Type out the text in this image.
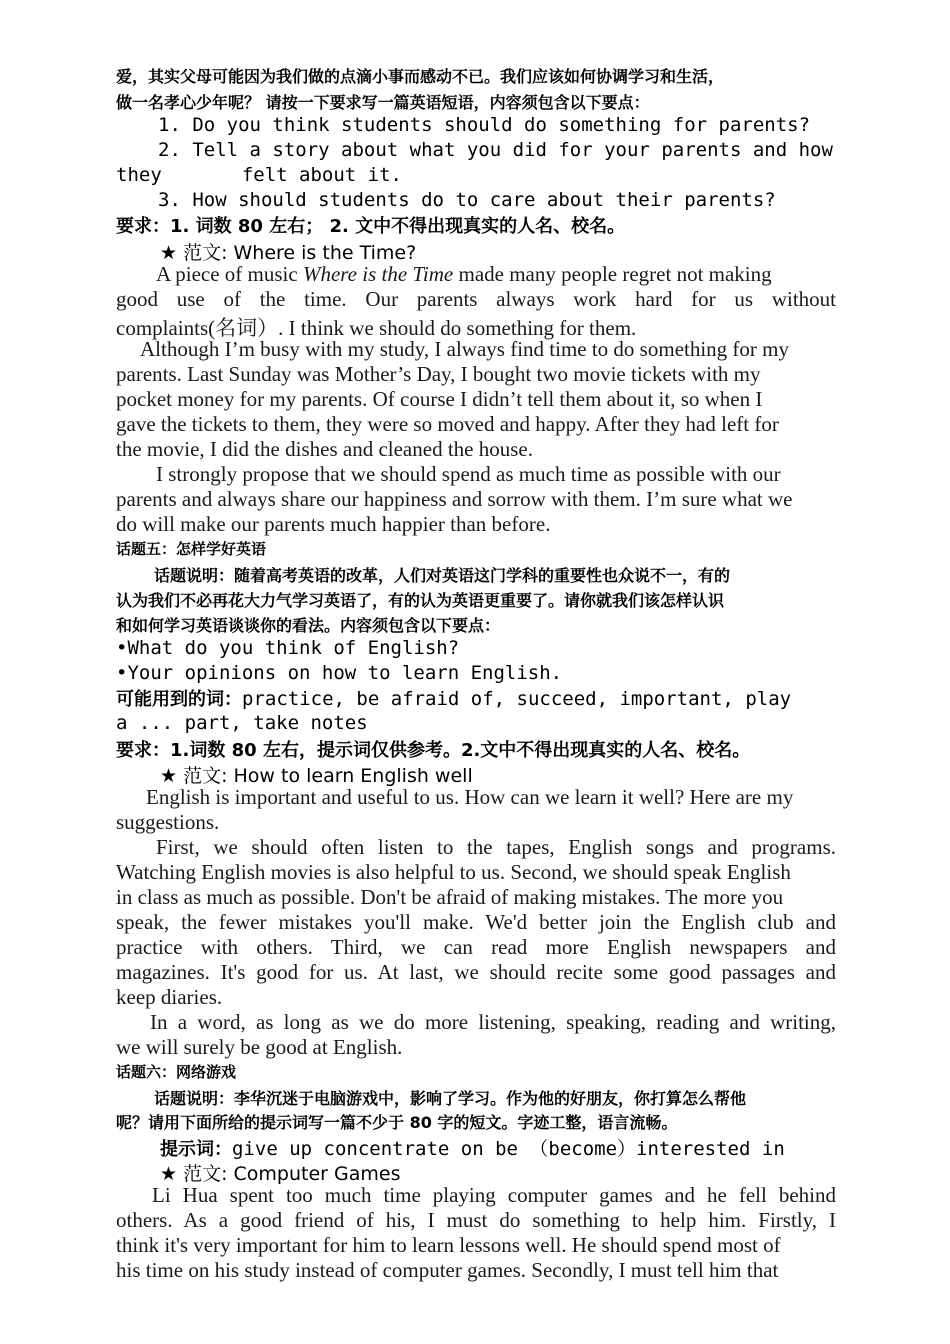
爱，其实父母可能因为我们做的点滴小事而感动不已。我们应该如何协调学习和生活，
做一名孝心少年呢？ 请按一下要求写一篇英语短语，内容须包含以下要点：
1. Do you think students should do something for parents?
2. Tell a story about what you did for your parents and how
they       felt about it.
3. How should students do to care about their parents?
要求：1. 词数 80 左右； 2. 文中不得出现真实的人名、校名。
★ 范文: Where is the Time?
A piece of music Where is the Time made many people regret not making
good use of the time. Our parents always work hard for us without
complaints(名词）. I think we should do something for them.
Although I’m busy with my study, I always find time to do something for my
parents. Last Sunday was Mother’s Day, I bought two movie tickets with my
pocket money for my parents. Of course I didn’t tell them about it, so when I
gave the tickets to them, they were so moved and happy. After they had left for
the movie, I did the dishes and cleaned the house.
I strongly propose that we should spend as much time as possible with our
parents and always share our happiness and sorrow with them. I’m sure what we
do will make our parents much happier than before.
话题五：怎样学好英语
话题说明：随着高考英语的改革，人们对英语这门学科的重要性也众说不一，有的
认为我们不必再花大力气学习英语了，有的认为英语更重要了。请你就我们该怎样认识
和如何学习英语谈谈你的看法。内容须包含以下要点：
•What do you think of English?
•Your opinions on how to learn English.
可能用到的词：practice, be afraid of, succeed, important, play
a ... part, take notes
要求：1.词数 80 左右，提示词仅供参考。2.文中不得出现真实的人名、校名。
★ 范文: How to learn English well
English is important and useful to us. How can we learn it well? Here are my
suggestions.
First, we should often listen to the tapes, English songs and programs.
Watching English movies is also helpful to us. Second, we should speak English
in class as much as possible. Don't be afraid of making mistakes. The more you
speak, the fewer mistakes you'll make. We'd better join the English club and
practice with others. Third, we can read more English newspapers and
magazines. It's good for us. At last, we should recite some good passages and
keep diaries.
In a word, as long as we do more listening, speaking, reading and writing,
we will surely be good at English.
话题六：网络游戏
话题说明：李华沉迷于电脑游戏中，影响了学习。作为他的好朋友，你打算怎么帮他
呢？请用下面所给的提示词写一篇不少于 80 字的短文。字迹工整，语言流畅。
提示词：give up concentrate on be （become）interested in
★ 范文: Computer Games
Li Hua spent too much time playing computer games and he fell behind
others. As a good friend of his, I must do something to help him. Firstly, I
think it's very important for him to learn lessons well. He should spend most of
his time on his study instead of computer games. Secondly, I must tell him that
